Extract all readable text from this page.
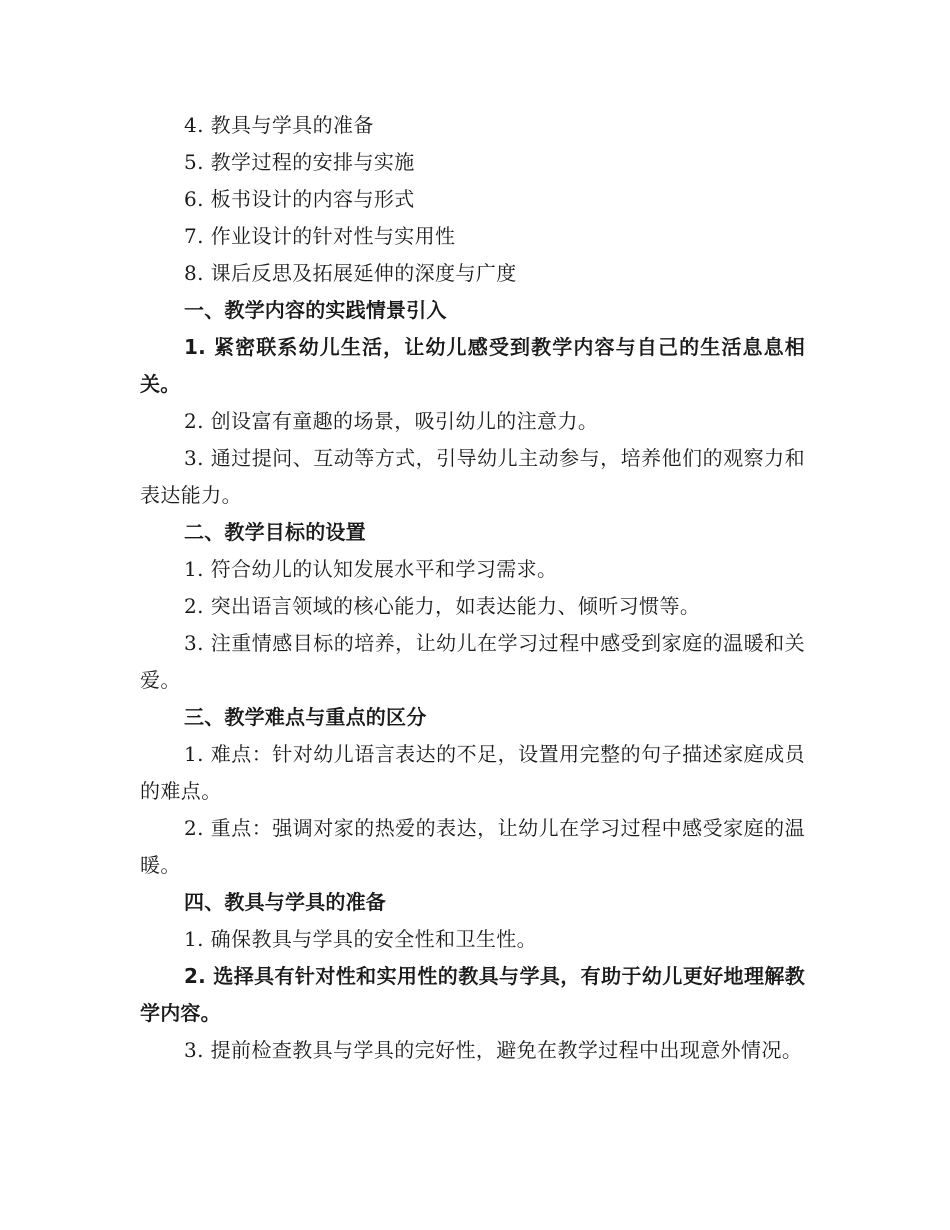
4. 教具与学具的准备

5. 教学过程的安排与实施

6. 板书设计的内容与形式

7. 作业设计的针对性与实用性

8. 课后反思及拓展延伸的深度与广度

一、教学内容的实践情景引入

1. 紧密联系幼儿生活，让幼儿感受到教学内容与自己的生活息息相关。

2. 创设富有童趣的场景，吸引幼儿的注意力。

3. 通过提问、互动等方式，引导幼儿主动参与，培养他们的观察力和表达能力。

二、教学目标的设置

1. 符合幼儿的认知发展水平和学习需求。

2. 突出语言领域的核心能力，如表达能力、倾听习惯等。

3. 注重情感目标的培养，让幼儿在学习过程中感受到家庭的温暖和关爱。

三、教学难点与重点的区分

1. 难点：针对幼儿语言表达的不足，设置用完整的句子描述家庭成员的难点。

2. 重点：强调对家的热爱的表达，让幼儿在学习过程中感受家庭的温暖。

四、教具与学具的准备

1. 确保教具与学具的安全性和卫生性。

2. 选择具有针对性和实用性的教具与学具，有助于幼儿更好地理解教学内容。

3. 提前检查教具与学具的完好性，避免在教学过程中出现意外情况。
